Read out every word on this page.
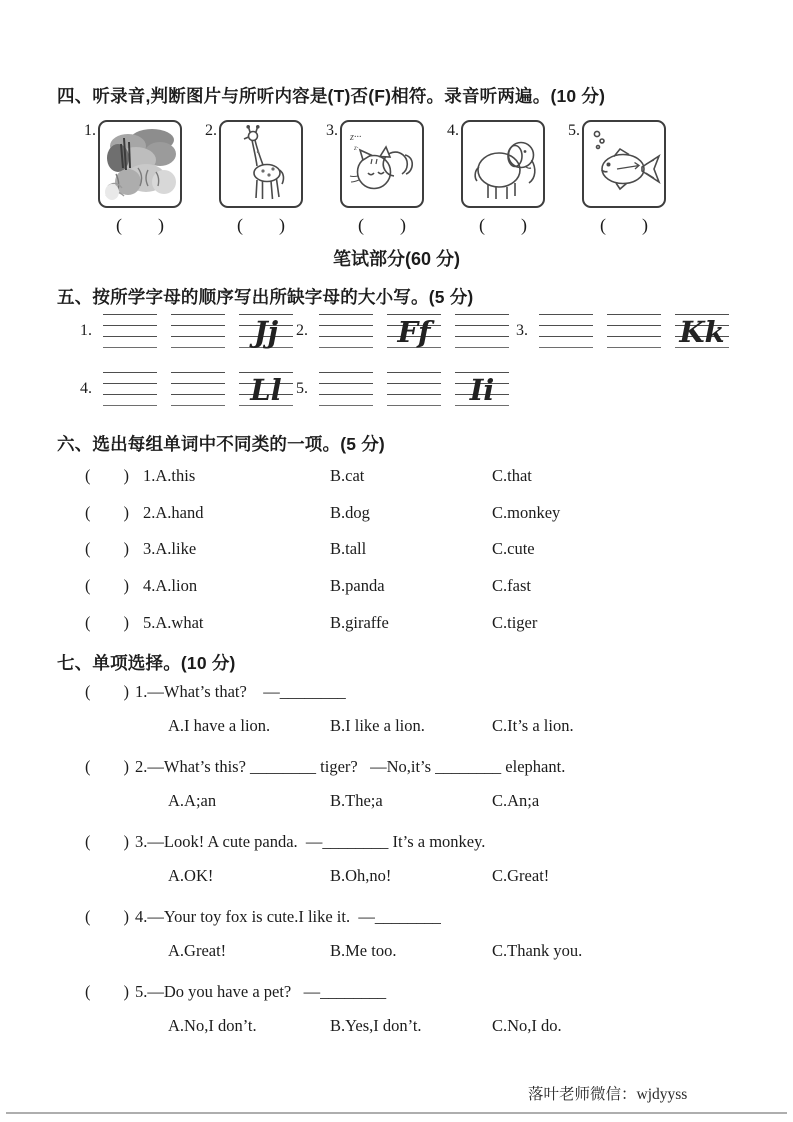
四、听录音,判断图片与所听内容是(T)否(F)相符。录音听两遍。(10 分)
1.
(        )
2.
(        )
3. z···
z·
(        )
4.
(        )
5.
(        )
笔试部分(60 分)
五、按所学字母的顺序写出所缺字母的大小写。(5 分)
1.	Jj 2.	Ff	3.	Kk
4.	Ll 5.	Ii
六、选出每组单词中不同类的一项。(5 分)
(        ) 1.A.this	B.cat	C.that
(        ) 2.A.hand	B.dog	C.monkey
(        ) 3.A.like	B.tall	C.cute
(        ) 4.A.lion	B.panda	C.fast
(        ) 5.A.what	B.giraffe	C.tiger
七、单项选择。(10 分)
(        ) 1.—What’s that?    —________
A.I have a lion.	B.I like a lion.	C.It’s a lion.
(        ) 2.—What’s this? ________ tiger?   —No,it’s ________ elephant.
A.A;an	B.The;a	C.An;a
(        ) 3.—Look! A cute panda.  —________ It’s a monkey.
A.OK!	B.Oh,no!	C.Great!
(        ) 4.—Your toy fox is cute.I like it.  —________
A.Great!	B.Me too.	C.Thank you.
(        ) 5.—Do you have a pet?   —________
A.No,I don’t.	B.Yes,I don’t.	C.No,I do.
落叶老师微信：wjdyyss
